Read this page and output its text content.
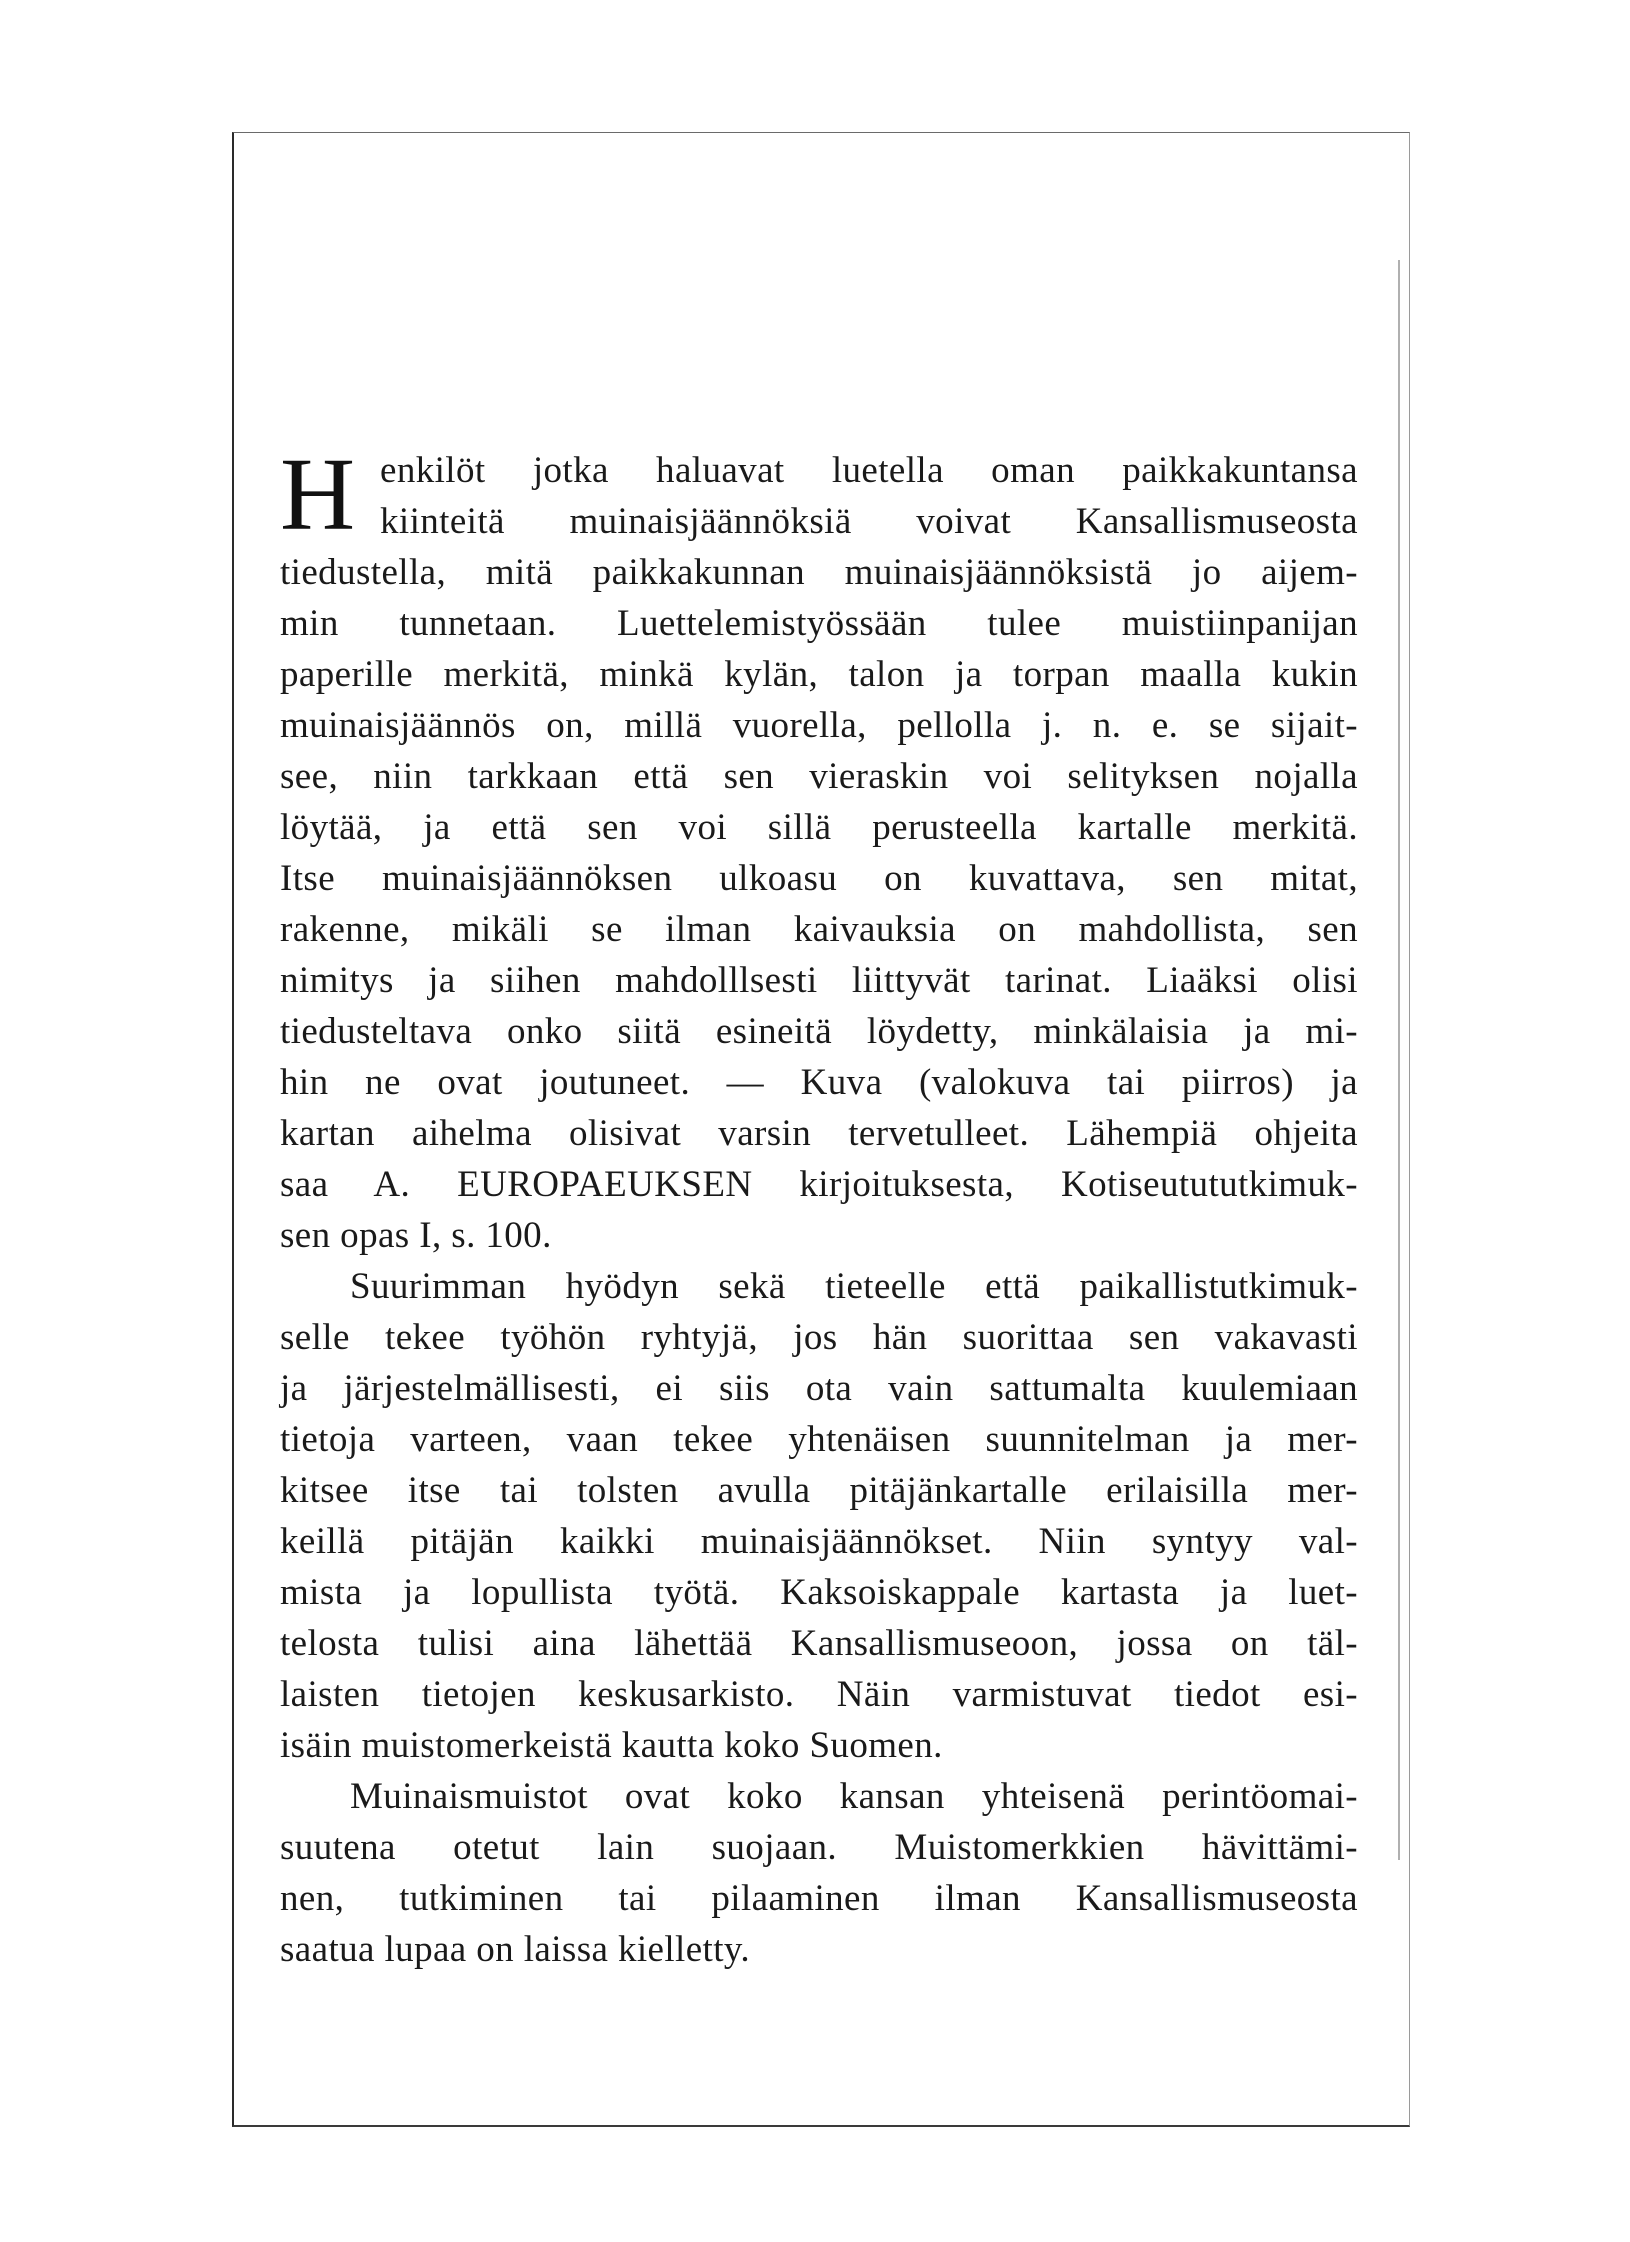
H enkilöt jotka haluavat luetella oman paikkakuntansa
kiinteitä muinaisjäännöksiä voivat Kansallismuseosta
tiedustella, mitä paikkakunnan muinaisjäännöksistä jo aijem-
min tunnetaan. Luettelemistyössään tulee muistiinpanijan
paperille merkitä, minkä kylän, talon ja torpan maalla kukin
muinaisjäännös on, millä vuorella, pellolla j. n. e. se sijait-
see, niin tarkkaan että sen vieraskin voi selityksen nojalla
löytää, ja että sen voi sillä perusteella kartalle merkitä.
Itse muinaisjäännöksen ulkoasu on kuvattava, sen mitat,
rakenne, mikäli se ilman kaivauksia on mahdollista, sen
nimitys ja siihen mahdolllsesti liittyvät tarinat. Liaäksi olisi
tiedusteltava onko siitä esineitä löydetty, minkälaisia ja mi-
hin ne ovat joutuneet. — Kuva (valokuva tai piirros) ja
kartan aihelma olisivat varsin tervetulleet. Lähempiä ohjeita
saa A. EUROPAEUKSEN kirjoituksesta, Kotiseutututkimuk-
sen opas I, s. 100.
Suurimman hyödyn sekä tieteelle että paikallistutkimuk-
selle tekee työhön ryhtyjä, jos hän suorittaa sen vakavasti
ja järjestelmällisesti, ei siis ota vain sattumalta kuulemiaan
tietoja varteen, vaan tekee yhtenäisen suunnitelman ja mer-
kitsee itse tai tolsten avulla pitäjänkartalle erilaisilla mer-
keillä pitäjän kaikki muinaisjäännökset. Niin syntyy val-
mista ja lopullista työtä. Kaksoiskappale kartasta ja luet-
telosta tulisi aina lähettää Kansallismuseoon, jossa on täl-
laisten tietojen keskusarkisto. Näin varmistuvat tiedot esi-
isäin muistomerkeistä kautta koko Suomen.
Muinaismuistot ovat koko kansan yhteisenä perintöomai-
suutena otetut lain suojaan. Muistomerkkien hävittämi-
nen, tutkiminen tai pilaaminen ilman Kansallismuseosta
saatua lupaa on laissa kielletty.
